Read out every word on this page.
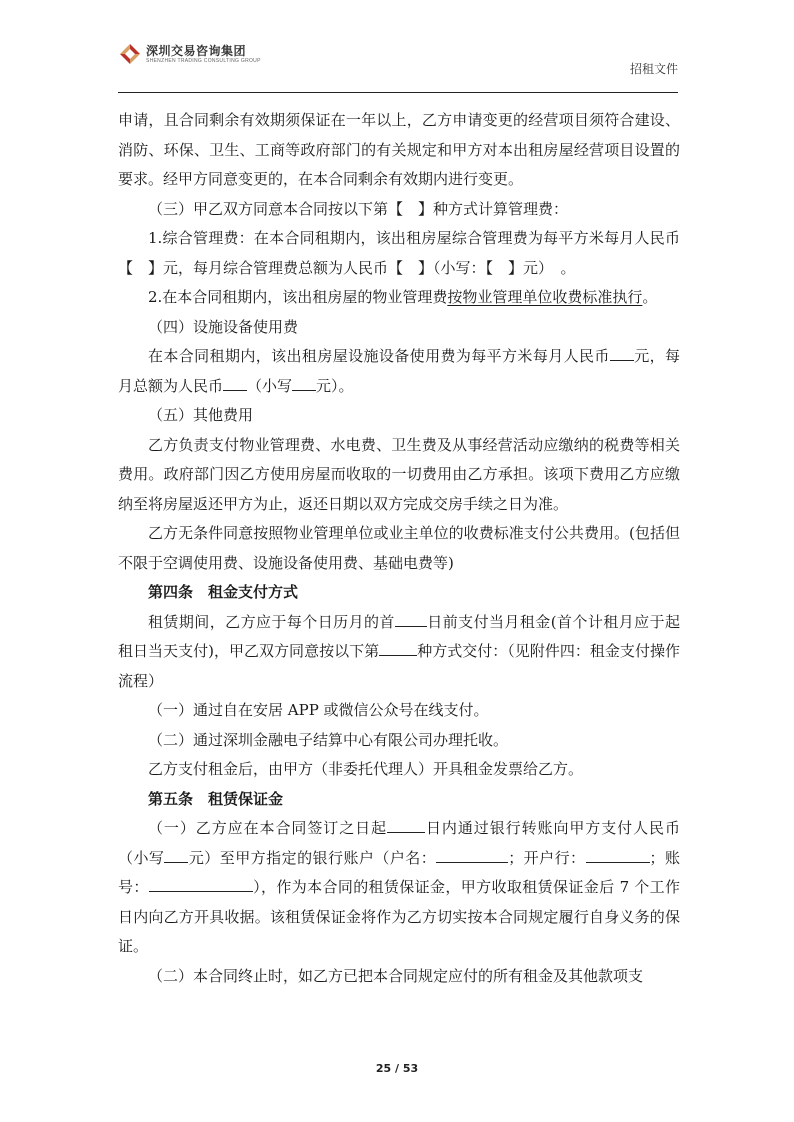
深圳交易咨询集团
SHENZHEN TRADING CONSULTING GROUP
招租文件

申请，且合同剩余有效期须保证在一年以上，乙方申请变更的经营项目须符合建设、消防、环保、卫生、工商等政府部门的有关规定和甲方对本出租房屋经营项目设置的要求。经甲方同意变更的，在本合同剩余有效期内进行变更。

（三）甲乙双方同意本合同按以下第【　】种方式计算管理费：

1.综合管理费：在本合同租期内，该出租房屋综合管理费为每平方米每月人民币【　】元，每月综合管理费总额为人民币【　】（小写：【　】元）　。

2.在本合同租期内，该出租房屋的物业管理费按物业管理单位收费标准执行。

（四）设施设备使用费

在本合同租期内，该出租房屋设施设备使用费为每平方米每月人民币 元，每月总额为人民币 （小写 元）。

（五）其他费用

乙方负责支付物业管理费、水电费、卫生费及从事经营活动应缴纳的税费等相关费用。政府部门因乙方使用房屋而收取的一切费用由乙方承担。该项下费用乙方应缴纳至将房屋返还甲方为止，返还日期以双方完成交房手续之日为准。

乙方无条件同意按照物业管理单位或业主单位的收费标准支付公共费用。(包括但不限于空调使用费、设施设备使用费、基础电费等)

第四条　租金支付方式

租赁期间，乙方应于每个日历月的首 日前支付当月租金(首个计租月应于起租日当天支付)，甲乙双方同意按以下第	种方式交付：（见附件四：租金支付操作流程）

（一）通过自在安居 APP 或微信公众号在线支付。

（二）通过深圳金融电子结算中心有限公司办理托收。

乙方支付租金后，由甲方（非委托代理人）开具租金发票给乙方。

第五条　租赁保证金

（一）乙方应在本合同签订之日起	日内通过银行转账向甲方支付人民币（小写 元）至甲方指定的银行账户（户名：	；开户行：	；账号：	），作为本合同的租赁保证金，甲方收取租赁保证金后 7 个工作日内向乙方开具收据。该租赁保证金将作为乙方切实按本合同规定履行自身义务的保证。

（二）本合同终止时，如乙方已把本合同规定应付的所有租金及其他款项支

25 / 53
